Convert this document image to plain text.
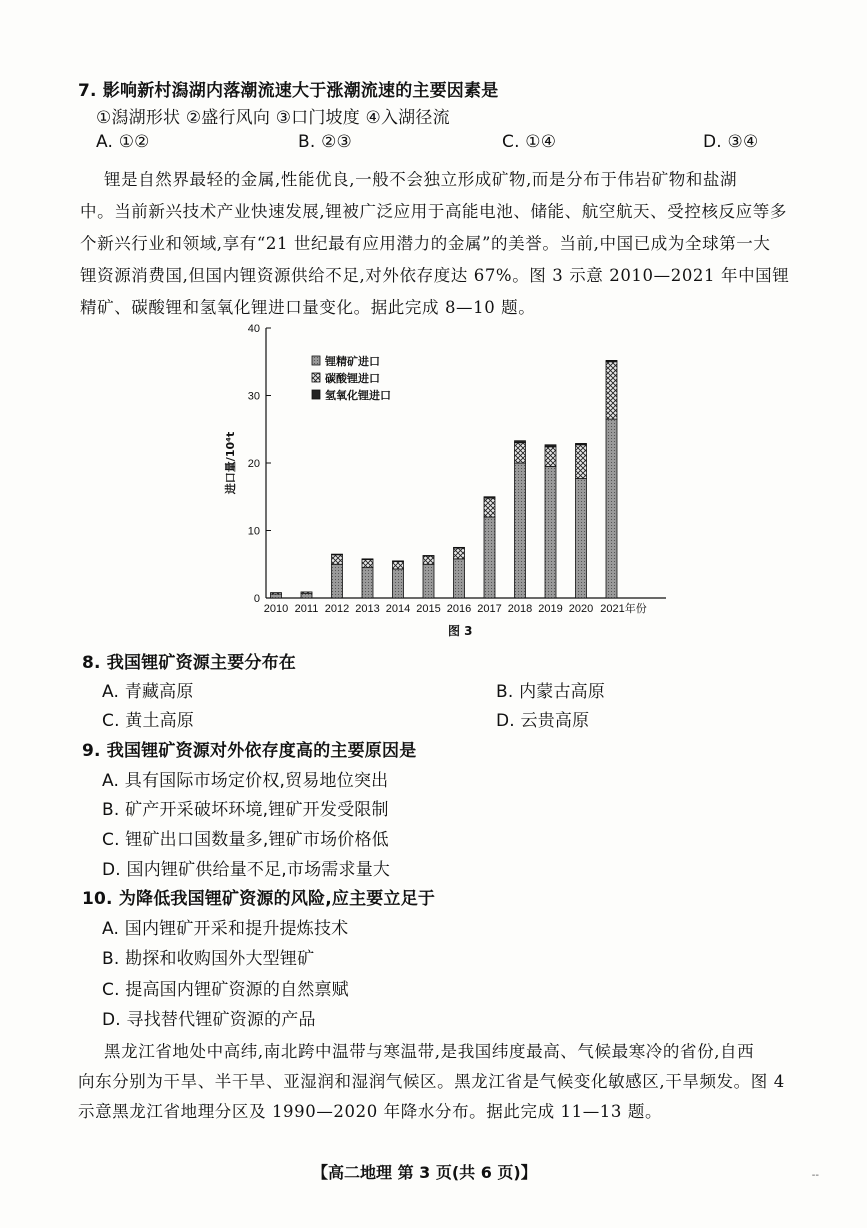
7. 影响新村潟湖内落潮流速大于涨潮流速的主要因素是
①潟湖形状 ②盛行风向 ③口门坡度 ④入湖径流
A. ①②	B. ②③	C. ①④	D. ③④
锂是自然界最轻的金属,性能优良,一般不会独立形成矿物,而是分布于伟岩矿物和盐湖
中。当前新兴技术产业快速发展,锂被广泛应用于高能电池、储能、航空航天、受控核反应等多
个新兴行业和领域,享有“21 世纪最有应用潜力的金属”的美誉。当前,中国已成为全球第一大
锂资源消费国,但国内锂资源供给不足,对外依存度达 67%。图 3 示意 2010—2021 年中国锂
精矿、碳酸锂和氢氧化锂进口量变化。据此完成 8—10 题。
0
10
20
30
40
进口量/10⁴t
2010 2011 2012 2013 2014 2015 2016 2017 2018 2019 2020 2021年份
锂精矿进口
碳酸锂进口
氢氧化锂进口
图 3
8. 我国锂矿资源主要分布在
A. 青藏高原	B. 内蒙古高原
C. 黄土高原	D. 云贵高原
9. 我国锂矿资源对外依存度高的主要原因是
A. 具有国际市场定价权,贸易地位突出
B. 矿产开采破坏环境,锂矿开发受限制
C. 锂矿出口国数量多,锂矿市场价格低
D. 国内锂矿供给量不足,市场需求量大
10. 为降低我国锂矿资源的风险,应主要立足于
A. 国内锂矿开采和提升提炼技术
B. 勘探和收购国外大型锂矿
C. 提高国内锂矿资源的自然禀赋
D. 寻找替代锂矿资源的产品
黑龙江省地处中高纬,南北跨中温带与寒温带,是我国纬度最高、气候最寒冷的省份,自西
向东分别为干旱、半干旱、亚湿润和湿润气候区。黑龙江省是气候变化敏感区,干旱频发。图 4
示意黑龙江省地理分区及 1990—2020 年降水分布。据此完成 11—13 题。
【高二地理 第 3 页(共 6 页)】	--
